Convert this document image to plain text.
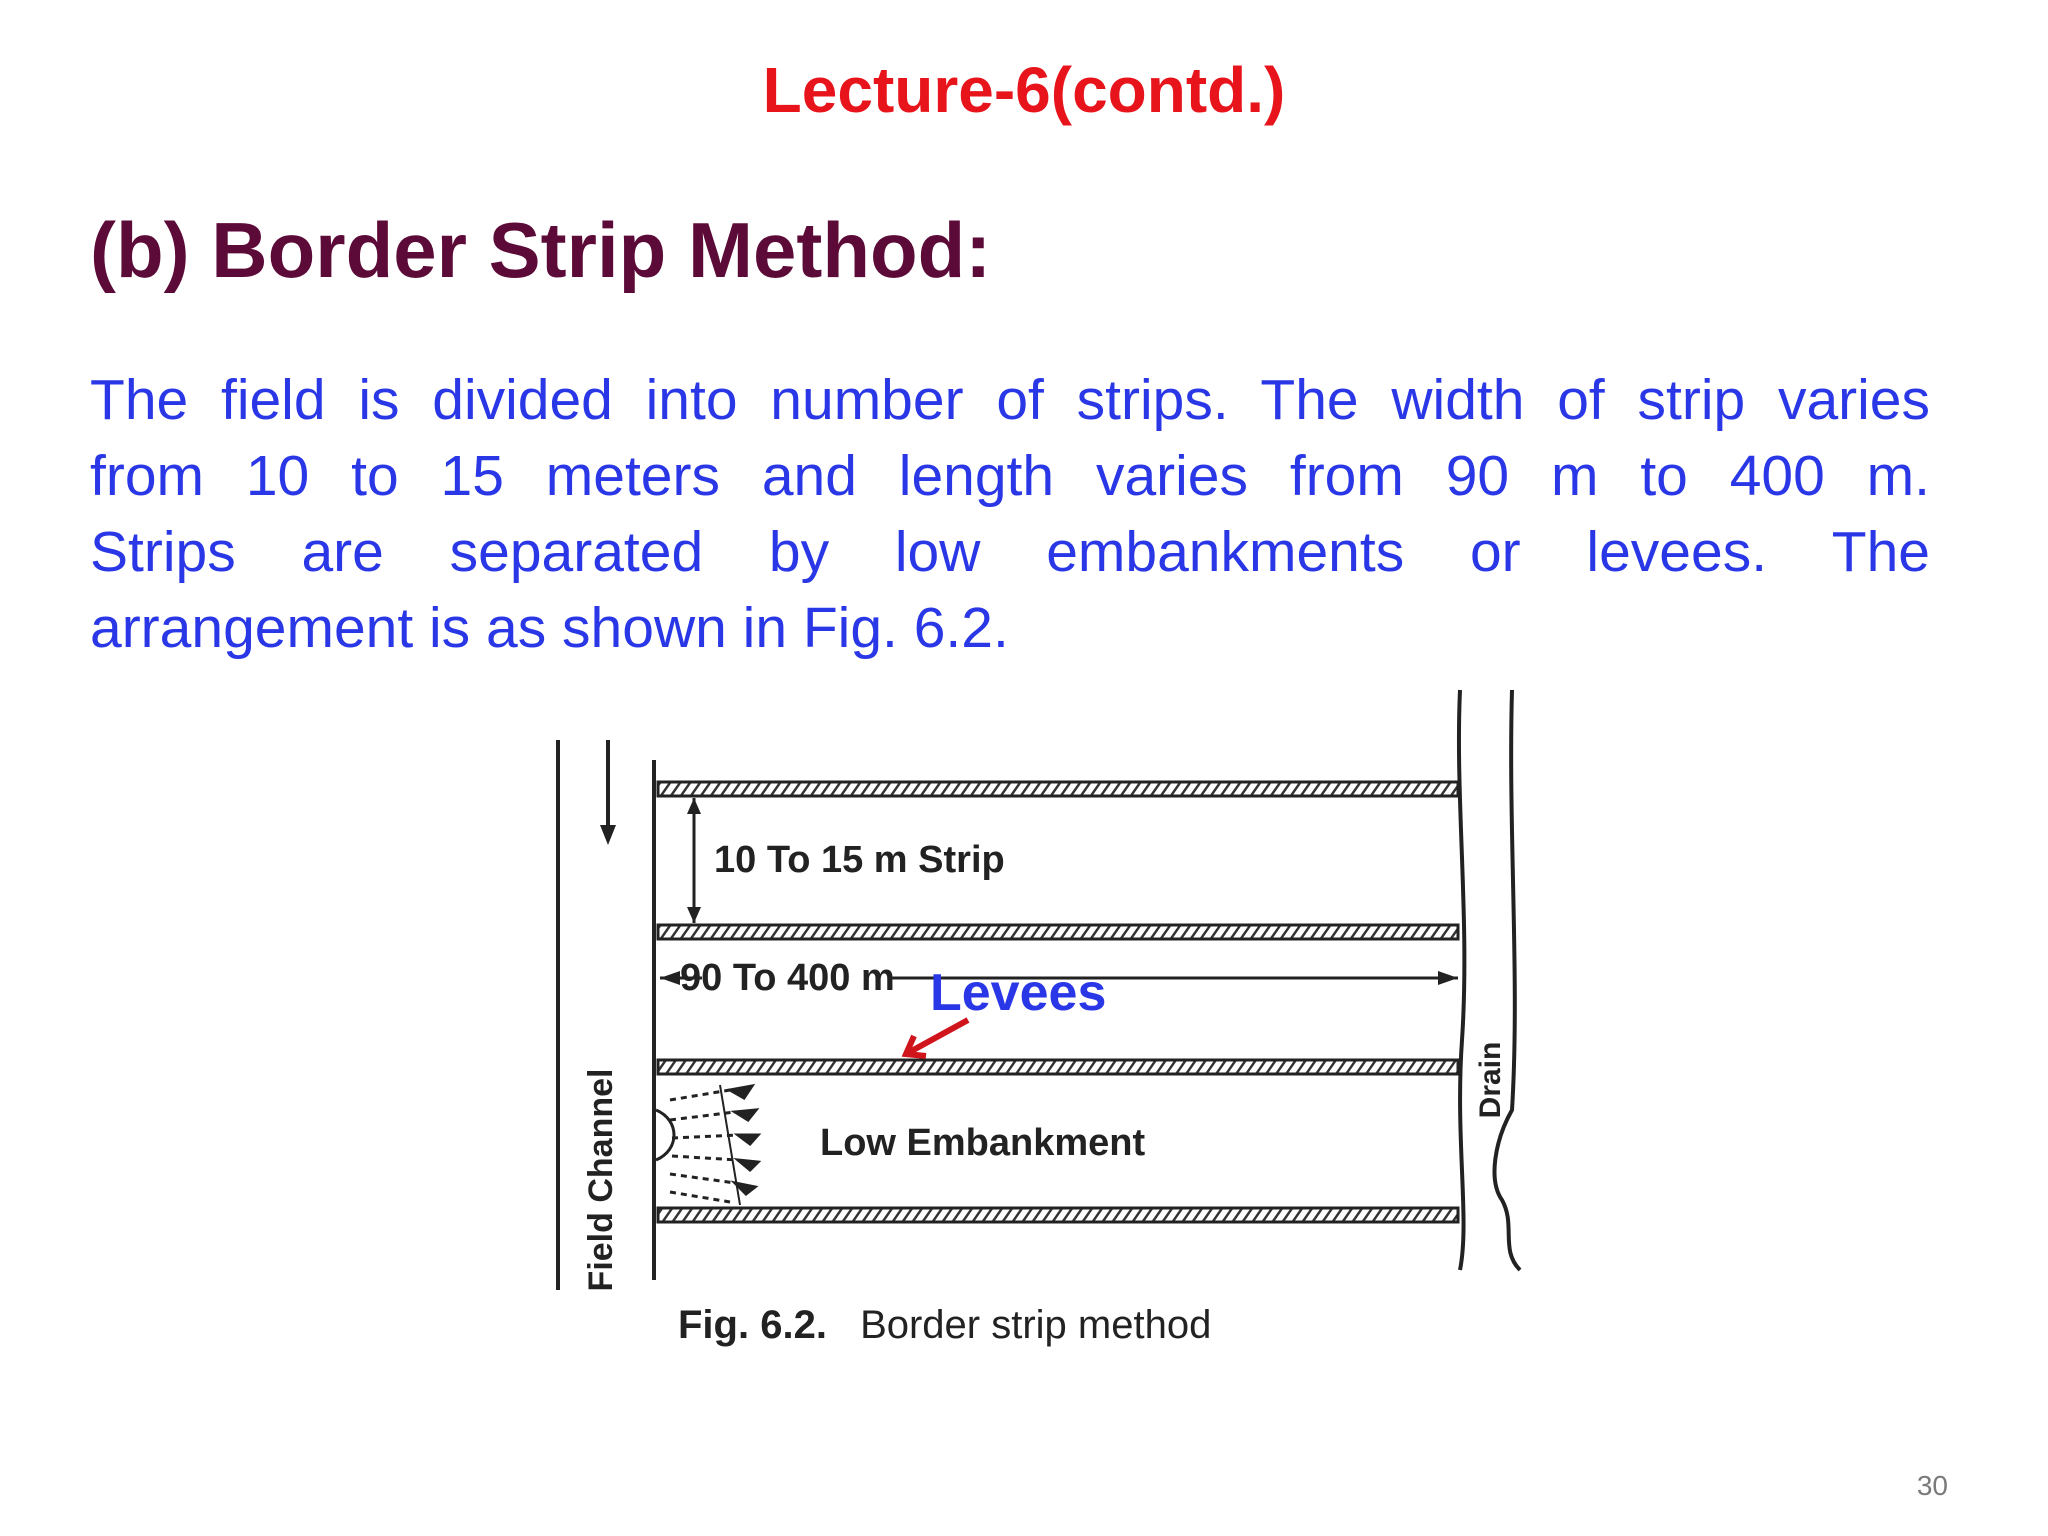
Lecture-6(contd.)
(b) Border Strip Method:
The field is divided into number of strips. The width of strip varies
from 10 to 15 meters and length varies from 90 m to 400 m.
Strips are separated by low embankments or levees. The
arrangement is as shown in Fig. 6.2.
10 To 15 m Strip
90 To 400 m Levees
Low Embankment
Field Channel	Drain
Fig. 6.2. Border strip method
30
